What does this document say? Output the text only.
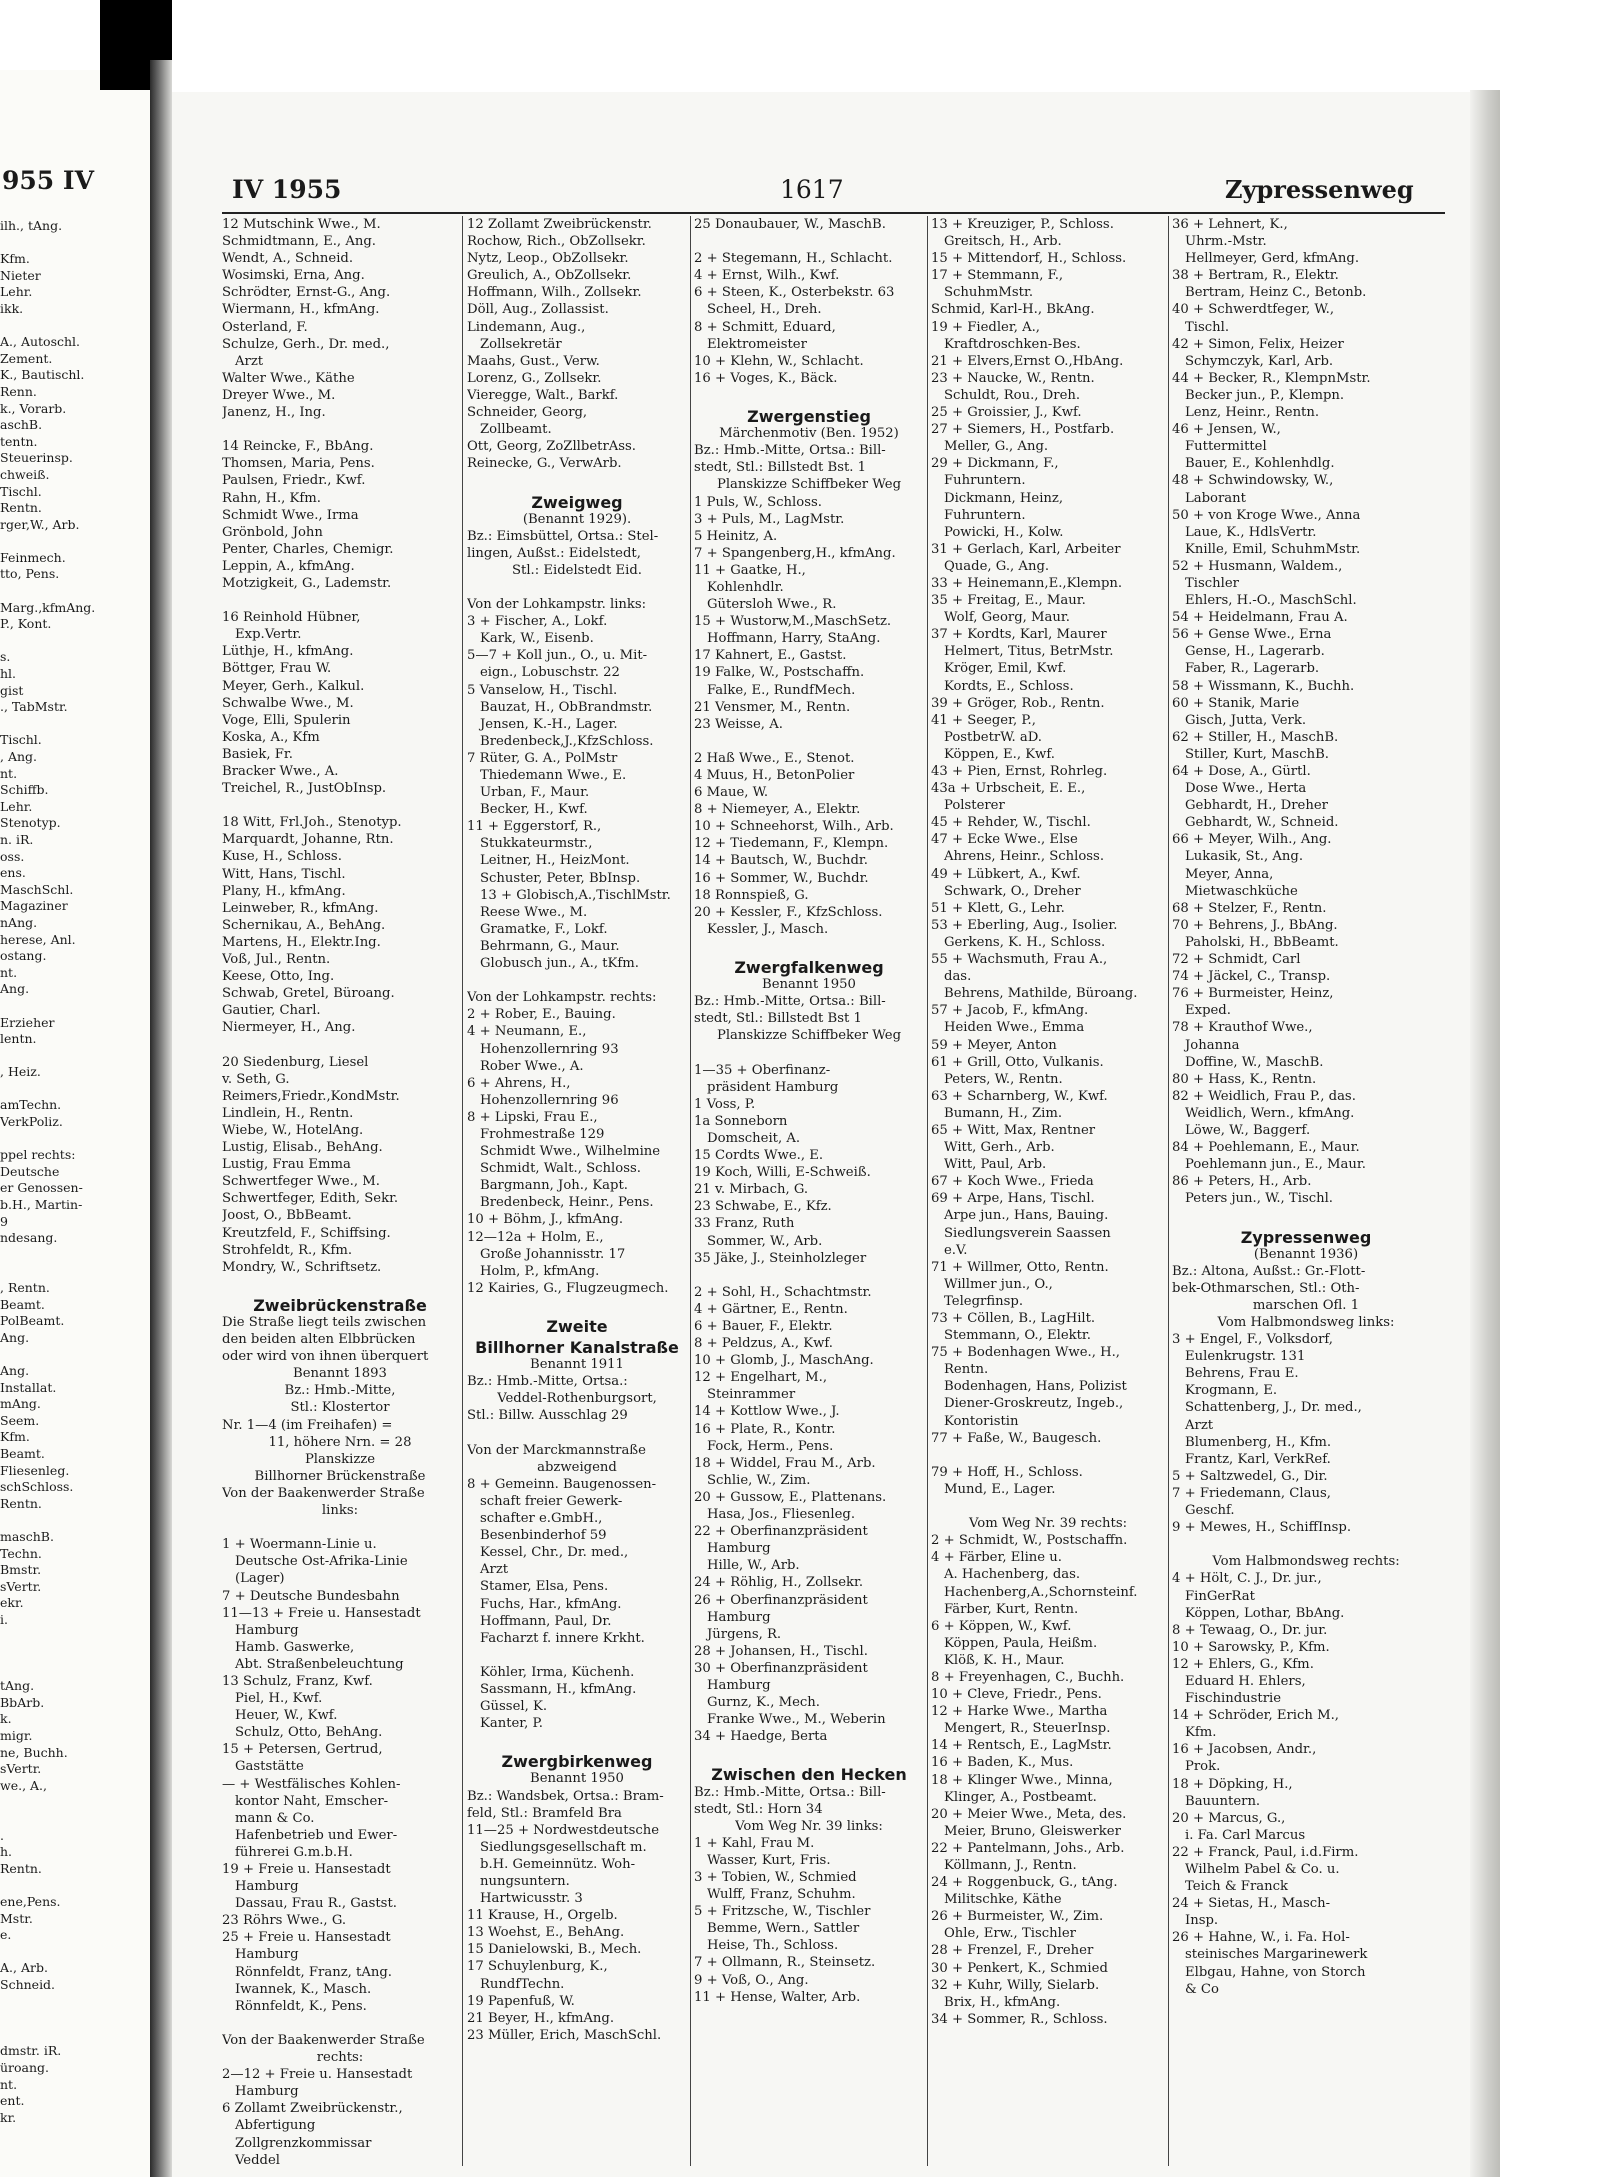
955 IV
ilh., tAng.

Kfm.
Nieter
Lehr.
ikk.

A., Autoschl.
Zement.
K., Bautischl.
Renn.
k., Vorarb.
aschB.
tentn.
Steuerinsp.
chweiß.
Tischl.
Rentn.
rger,W., Arb.

Feinmech.
tto, Pens.

Marg.,kfmAng.
P., Kont.

s.
hl.
gist
., TabMstr.

Tischl.
, Ang.
nt.
Schiffb.
Lehr.
Stenotyp.
n. iR.
oss.
ens.
MaschSchl.
Magaziner
nAng.
herese, Anl.
ostang.
nt.
Ang.

Erzieher
lentn.

, Heiz.

amTechn.
VerkPoliz.

ppel rechts:
Deutsche
er Genossen-
b.H., Martin-
9
ndesang.

, Rentn.
Beamt.
PolBeamt.
Ang.

Ang.
Installat.
mAng.
Seem.
Kfm.
Beamt.
Fliesenleg.
schSchloss.
Rentn.

maschB.
Techn.
Bmstr.
sVertr.
ekr.
i.

tAng.
BbArb.
k.
migr.
ne, Buchh.
sVertr.
we., A.,

.
h.
Rentn.

ene,Pens.
Mstr.
e.

A., Arb.
Schneid.

dmstr. iR.
üroang.
nt.
ent.
kr.
IV 1955	1617	Zypressenweg
12 Mutschink Wwe., M.
Schmidtmann, E., Ang.
Wendt, A., Schneid.
Wosimski, Erna, Ang.
Schrödter, Ernst-G., Ang.
Wiermann, H., kfmAng.
Osterland, F.
Schulze, Gerh., Dr. med.,
Arzt
Walter Wwe., Käthe
Dreyer Wwe., M.
Janenz, H., Ing.

14 Reincke, F., BbAng.
Thomsen, Maria, Pens.
Paulsen, Friedr., Kwf.
Rahn, H., Kfm.
Schmidt Wwe., Irma
Grönbold, John
Penter, Charles, Chemigr.
Leppin, A., kfmAng.
Motzigkeit, G., Lademstr.

16 Reinhold Hübner,
Exp.Vertr.
Lüthje, H., kfmAng.
Böttger, Frau W.
Meyer, Gerh., Kalkul.
Schwalbe Wwe., M.
Voge, Elli, Spulerin
Koska, A., Kfm
Basiek, Fr.
Bracker Wwe., A.
Treichel, R., JustObInsp.

18 Witt, Frl.Joh., Stenotyp.
Marquardt, Johanne, Rtn.
Kuse, H., Schloss.
Witt, Hans, Tischl.
Plany, H., kfmAng.
Leinweber, R., kfmAng.
Schernikau, A., BehAng.
Martens, H., Elektr.Ing.
Voß, Jul., Rentn.
Keese, Otto, Ing.
Schwab, Gretel, Büroang.
Gautier, Charl.
Niermeyer, H., Ang.

20 Siedenburg, Liesel
v. Seth, G.
Reimers,Friedr.,KondMstr.
Lindlein, H., Rentn.
Wiebe, W., HotelAng.
Lustig, Elisab., BehAng.
Lustig, Frau Emma
Schwertfeger Wwe., M.
Schwertfeger, Edith, Sekr.
Joost, O., BbBeamt.
Kreutzfeld, F., Schiffsing.
Strohfeldt, R., Kfm.
Mondry, W., Schriftsetz.

Zweibrückenstraße
Die Straße liegt teils zwischen
den beiden alten Elbbrücken
oder wird von ihnen überquert
Benannt 1893
Bz.: Hmb.-Mitte,
Stl.: Klostertor
Nr. 1—4 (im Freihafen) =
11, höhere Nrn. = 28
Planskizze
Billhorner Brückenstraße
Von der Baakenwerder Straße
links:

1 + Woermann-Linie u.
Deutsche Ost-Afrika-Linie
(Lager)
7 + Deutsche Bundesbahn
11—13 + Freie u. Hansestadt
Hamburg
Hamb. Gaswerke,
Abt. Straßenbeleuchtung
13 Schulz, Franz, Kwf.
Piel, H., Kwf.
Heuer, W., Kwf.
Schulz, Otto, BehAng.
15 + Petersen, Gertrud,
Gaststätte
— + Westfälisches Kohlen-
kontor Naht, Emscher-
mann & Co.
Hafenbetrieb und Ewer-
führerei G.m.b.H.
19 + Freie u. Hansestadt
Hamburg
Dassau, Frau R., Gastst.
23 Röhrs Wwe., G.
25 + Freie u. Hansestadt
Hamburg
Rönnfeldt, Franz, tAng.
Iwannek, K., Masch.
Rönnfeldt, K., Pens.

Von der Baakenwerder Straße
rechts:
2—12 + Freie u. Hansestadt
Hamburg
6 Zollamt Zweibrückenstr.,
Abfertigung
Zollgrenzkommissar
Veddel
12 Zollamt Zweibrückenstr.
Rochow, Rich., ObZollsekr.
Nytz, Leop., ObZollsekr.
Greulich, A., ObZollsekr.
Hoffmann, Wilh., Zollsekr.
Döll, Aug., Zollassist.
Lindemann, Aug.,
Zollsekretär
Maahs, Gust., Verw.
Lorenz, G., Zollsekr.
Vieregge, Walt., Barkf.
Schneider, Georg,
Zollbeamt.
Ott, Georg, ZoZllbetrAss.
Reinecke, G., VerwArb.

Zweigweg
(Benannt 1929).
Bz.: Eimsbüttel, Ortsa.: Stel-
lingen, Außst.: Eidelstedt,
Stl.: Eidelstedt Eid.

Von der Lohkampstr. links:
3 + Fischer, A., Lokf.
Kark, W., Eisenb.
5—7 + Koll jun., O., u. Mit-
eign., Lobuschstr. 22
5 Vanselow, H., Tischl.
Bauzat, H., ObBrandmstr.
Jensen, K.-H., Lager.
Bredenbeck,J.,KfzSchloss.
7 Rüter, G. A., PolMstr
Thiedemann Wwe., E.
Urban, F., Maur.
Becker, H., Kwf.
11 + Eggerstorf, R.,
Stukkateurmstr.,
Leitner, H., HeizMont.
Schuster, Peter, BbInsp.
13 + Globisch,A.,TischlMstr.
Reese Wwe., M.
Gramatke, F., Lokf.
Behrmann, G., Maur.
Globusch jun., A., tKfm.

Von der Lohkampstr. rechts:
2 + Rober, E., Bauing.
4 + Neumann, E.,
Hohenzollernring 93
Rober Wwe., A.
6 + Ahrens, H.,
Hohenzollernring 96
8 + Lipski, Frau E.,
Frohmestraße 129
Schmidt Wwe., Wilhelmine
Schmidt, Walt., Schloss.
Bargmann, Joh., Kapt.
Bredenbeck, Heinr., Pens.
10 + Böhm, J., kfmAng.
12—12a + Holm, E.,
Große Johannisstr. 17
Holm, P., kfmAng.
12 Kairies, G., Flugzeugmech.

Zweite
Billhorner Kanalstraße
Benannt 1911
Bz.: Hmb.-Mitte, Ortsa.:
Veddel-Rothenburgsort,
Stl.: Billw. Ausschlag 29

Von der Marckmannstraße
abzweigend
8 + Gemeinn. Baugenossen-
schaft freier Gewerk-
schafter e.GmbH.,
Besenbinderhof 59
Kessel, Chr., Dr. med.,
Arzt
Stamer, Elsa, Pens.
Fuchs, Har., kfmAng.
Hoffmann, Paul, Dr.
Facharzt f. innere Krkht.

Köhler, Irma, Küchenh.
Sassmann, H., kfmAng.
Güssel, K.
Kanter, P.

Zwergbirkenweg
Benannt 1950
Bz.: Wandsbek, Ortsa.: Bram-
feld, Stl.: Bramfeld Bra
11—25 + Nordwestdeutsche
Siedlungsgesellschaft m.
b.H. Gemeinnütz. Woh-
nungsuntern.
Hartwicusstr. 3
11 Krause, H., Orgelb.
13 Woehst, E., BehAng.
15 Danielowski, B., Mech.
17 Schuylenburg, K.,
RundfTechn.
19 Papenfuß, W.
21 Beyer, H., kfmAng.
23 Müller, Erich, MaschSchl.
25 Donaubauer, W., MaschB.

2 + Stegemann, H., Schlacht.
4 + Ernst, Wilh., Kwf.
6 + Steen, K., Osterbekstr. 63
Scheel, H., Dreh.
8 + Schmitt, Eduard,
Elektromeister
10 + Klehn, W., Schlacht.
16 + Voges, K., Bäck.

Zwergenstieg
Märchenmotiv (Ben. 1952)
Bz.: Hmb.-Mitte, Ortsa.: Bill-
stedt, Stl.: Billstedt Bst. 1
Planskizze Schiffbeker Weg
1 Puls, W., Schloss.
3 + Puls, M., LagMstr.
5 Heinitz, A.
7 + Spangenberg,H., kfmAng.
11 + Gaatke, H.,
Kohlenhdlr.
Gütersloh Wwe., R.
15 + Wustorw,M.,MaschSetz.
Hoffmann, Harry, StaAng.
17 Kahnert, E., Gastst.
19 Falke, W., Postschaffn.
Falke, E., RundfMech.
21 Vensmer, M., Rentn.
23 Weisse, A.

2 Haß Wwe., E., Stenot.
4 Muus, H., BetonPolier
6 Maue, W.
8 + Niemeyer, A., Elektr.
10 + Schneehorst, Wilh., Arb.
12 + Tiedemann, F., Klempn.
14 + Bautsch, W., Buchdr.
16 + Sommer, W., Buchdr.
18 Ronnspieß, G.
20 + Kessler, F., KfzSchloss.
Kessler, J., Masch.

Zwergfalkenweg
Benannt 1950
Bz.: Hmb.-Mitte, Ortsa.: Bill-
stedt, Stl.: Billstedt Bst 1
Planskizze Schiffbeker Weg

1—35 + Oberfinanz-
präsident Hamburg
1 Voss, P.
1a Sonneborn
Domscheit, A.
15 Cordts Wwe., E.
19 Koch, Willi, E-Schweiß.
21 v. Mirbach, G.
23 Schwabe, E., Kfz.
33 Franz, Ruth
Sommer, W., Arb.
35 Jäke, J., Steinholzleger

2 + Sohl, H., Schachtmstr.
4 + Gärtner, E., Rentn.
6 + Bauer, F., Elektr.
8 + Peldzus, A., Kwf.
10 + Glomb, J., MaschAng.
12 + Engelhart, M.,
Steinrammer
14 + Kottlow Wwe., J.
16 + Plate, R., Kontr.
Fock, Herm., Pens.
18 + Widdel, Frau M., Arb.
Schlie, W., Zim.
20 + Gussow, E., Plattenans.
Hasa, Jos., Fliesenleg.
22 + Oberfinanzpräsident
Hamburg
Hille, W., Arb.
24 + Röhlig, H., Zollsekr.
26 + Oberfinanzpräsident
Hamburg
Jürgens, R.
28 + Johansen, H., Tischl.
30 + Oberfinanzpräsident
Hamburg
Gurnz, K., Mech.
Franke Wwe., M., Weberin
34 + Haedge, Berta

Zwischen den Hecken
Bz.: Hmb.-Mitte, Ortsa.: Bill-
stedt, Stl.: Horn 34
Vom Weg Nr. 39 links:
1 + Kahl, Frau M.
Wasser, Kurt, Fris.
3 + Tobien, W., Schmied
Wulff, Franz, Schuhm.
5 + Fritzsche, W., Tischler
Bemme, Wern., Sattler
Heise, Th., Schloss.
7 + Ollmann, R., Steinsetz.
9 + Voß, O., Ang.
11 + Hense, Walter, Arb.
13 + Kreuziger, P., Schloss.
Greitsch, H., Arb.
15 + Mittendorf, H., Schloss.
17 + Stemmann, F.,
SchuhmMstr.
Schmid, Karl-H., BkAng.
19 + Fiedler, A.,
Kraftdroschken-Bes.
21 + Elvers,Ernst O.,HbAng.
23 + Naucke, W., Rentn.
Schuldt, Rou., Dreh.
25 + Groissier, J., Kwf.
27 + Siemers, H., Postfarb.
Meller, G., Ang.
29 + Dickmann, F.,
Fuhruntern.
Dickmann, Heinz,
Fuhruntern.
Powicki, H., Kolw.
31 + Gerlach, Karl, Arbeiter
Quade, G., Ang.
33 + Heinemann,E.,Klempn.
35 + Freitag, E., Maur.
Wolf, Georg, Maur.
37 + Kordts, Karl, Maurer
Helmert, Titus, BetrMstr.
Kröger, Emil, Kwf.
Kordts, E., Schloss.
39 + Gröger, Rob., Rentn.
41 + Seeger, P.,
PostbetrW. aD.
Köppen, E., Kwf.
43 + Pien, Ernst, Rohrleg.
43a + Urbscheit, E. E.,
Polsterer
45 + Rehder, W., Tischl.
47 + Ecke Wwe., Else
Ahrens, Heinr., Schloss.
49 + Lübkert, A., Kwf.
Schwark, O., Dreher
51 + Klett, G., Lehr.
53 + Eberling, Aug., Isolier.
Gerkens, K. H., Schloss.
55 + Wachsmuth, Frau A.,
das.
Behrens, Mathilde, Büroang.
57 + Jacob, F., kfmAng.
Heiden Wwe., Emma
59 + Meyer, Anton
61 + Grill, Otto, Vulkanis.
Peters, W., Rentn.
63 + Scharnberg, W., Kwf.
Bumann, H., Zim.
65 + Witt, Max, Rentner
Witt, Gerh., Arb.
Witt, Paul, Arb.
67 + Koch Wwe., Frieda
69 + Arpe, Hans, Tischl.
Arpe jun., Hans, Bauing.
Siedlungsverein Saassen
e.V.
71 + Willmer, Otto, Rentn.
Willmer jun., O.,
Telegrfinsp.
73 + Cöllen, B., LagHilt.
Stemmann, O., Elektr.
75 + Bodenhagen Wwe., H.,
Rentn.
Bodenhagen, Hans, Polizist
Diener-Groskreutz, Ingeb.,
Kontoristin
77 + Faße, W., Baugesch.

79 + Hoff, H., Schloss.
Mund, E., Lager.

Vom Weg Nr. 39 rechts:
2 + Schmidt, W., Postschaffn.
4 + Färber, Eline u.
A. Hachenberg, das.
Hachenberg,A.,Schornsteinf.
Färber, Kurt, Rentn.
6 + Köppen, W., Kwf.
Köppen, Paula, Heißm.
Klöß, K. H., Maur.
8 + Freyenhagen, C., Buchh.
10 + Cleve, Friedr., Pens.
12 + Harke Wwe., Martha
Mengert, R., SteuerInsp.
14 + Rentsch, E., LagMstr.
16 + Baden, K., Mus.
18 + Klinger Wwe., Minna,
Klinger, A., Postbeamt.
20 + Meier Wwe., Meta, des.
Meier, Bruno, Gleiswerker
22 + Pantelmann, Johs., Arb.
Köllmann, J., Rentn.
24 + Roggenbuck, G., tAng.
Militschke, Käthe
26 + Burmeister, W., Zim.
Ohle, Erw., Tischler
28 + Frenzel, F., Dreher
30 + Penkert, K., Schmied
32 + Kuhr, Willy, Sielarb.
Brix, H., kfmAng.
34 + Sommer, R., Schloss.
36 + Lehnert, K.,
Uhrm.-Mstr.
Hellmeyer, Gerd, kfmAng.
38 + Bertram, R., Elektr.
Bertram, Heinz C., Betonb.
40 + Schwerdtfeger, W.,
Tischl.
42 + Simon, Felix, Heizer
Schymczyk, Karl, Arb.
44 + Becker, R., KlempnMstr.
Becker jun., P., Klempn.
Lenz, Heinr., Rentn.
46 + Jensen, W.,
Futtermittel
Bauer, E., Kohlenhdlg.
48 + Schwindowsky, W.,
Laborant
50 + von Kroge Wwe., Anna
Laue, K., HdlsVertr.
Knille, Emil, SchuhmMstr.
52 + Husmann, Waldem.,
Tischler
Ehlers, H.-O., MaschSchl.
54 + Heidelmann, Frau A.
56 + Gense Wwe., Erna
Gense, H., Lagerarb.
Faber, R., Lagerarb.
58 + Wissmann, K., Buchh.
60 + Stanik, Marie
Gisch, Jutta, Verk.
62 + Stiller, H., MaschB.
Stiller, Kurt, MaschB.
64 + Dose, A., Gürtl.
Dose Wwe., Herta
Gebhardt, H., Dreher
Gebhardt, W., Schneid.
66 + Meyer, Wilh., Ang.
Lukasik, St., Ang.
Meyer, Anna,
Mietwaschküche
68 + Stelzer, F., Rentn.
70 + Behrens, J., BbAng.
Paholski, H., BbBeamt.
72 + Schmidt, Carl
74 + Jäckel, C., Transp.
76 + Burmeister, Heinz,
Exped.
78 + Krauthof Wwe.,
Johanna
Doffine, W., MaschB.
80 + Hass, K., Rentn.
82 + Weidlich, Frau P., das.
Weidlich, Wern., kfmAng.
Löwe, W., Baggerf.
84 + Poehlemann, E., Maur.
Poehlemann jun., E., Maur.
86 + Peters, H., Arb.
Peters jun., W., Tischl.

Zypressenweg
(Benannt 1936)
Bz.: Altona, Außst.: Gr.-Flott-
bek-Othmarschen, Stl.: Oth-
marschen Ofl. 1
Vom Halbmondsweg links:
3 + Engel, F., Volksdorf,
Eulenkrugstr. 131
Behrens, Frau E.
Krogmann, E.
Schattenberg, J., Dr. med.,
Arzt
Blumenberg, H., Kfm.
Frantz, Karl, VerkRef.
5 + Saltzwedel, G., Dir.
7 + Friedemann, Claus,
Geschf.
9 + Mewes, H., SchiffInsp.

Vom Halbmondsweg rechts:
4 + Hölt, C. J., Dr. jur.,
FinGerRat
Köppen, Lothar, BbAng.
8 + Tewaag, O., Dr. jur.
10 + Sarowsky, P., Kfm.
12 + Ehlers, G., Kfm.
Eduard H. Ehlers,
Fischindustrie
14 + Schröder, Erich M.,
Kfm.
16 + Jacobsen, Andr.,
Prok.
18 + Döpking, H.,
Bauuntern.
20 + Marcus, G.,
i. Fa. Carl Marcus
22 + Franck, Paul, i.d.Firm.
Wilhelm Pabel & Co. u.
Teich & Franck
24 + Sietas, H., Masch-
Insp.
26 + Hahne, W., i. Fa. Hol-
steinisches Margarinewerk
Elbgau, Hahne, von Storch
& Co
